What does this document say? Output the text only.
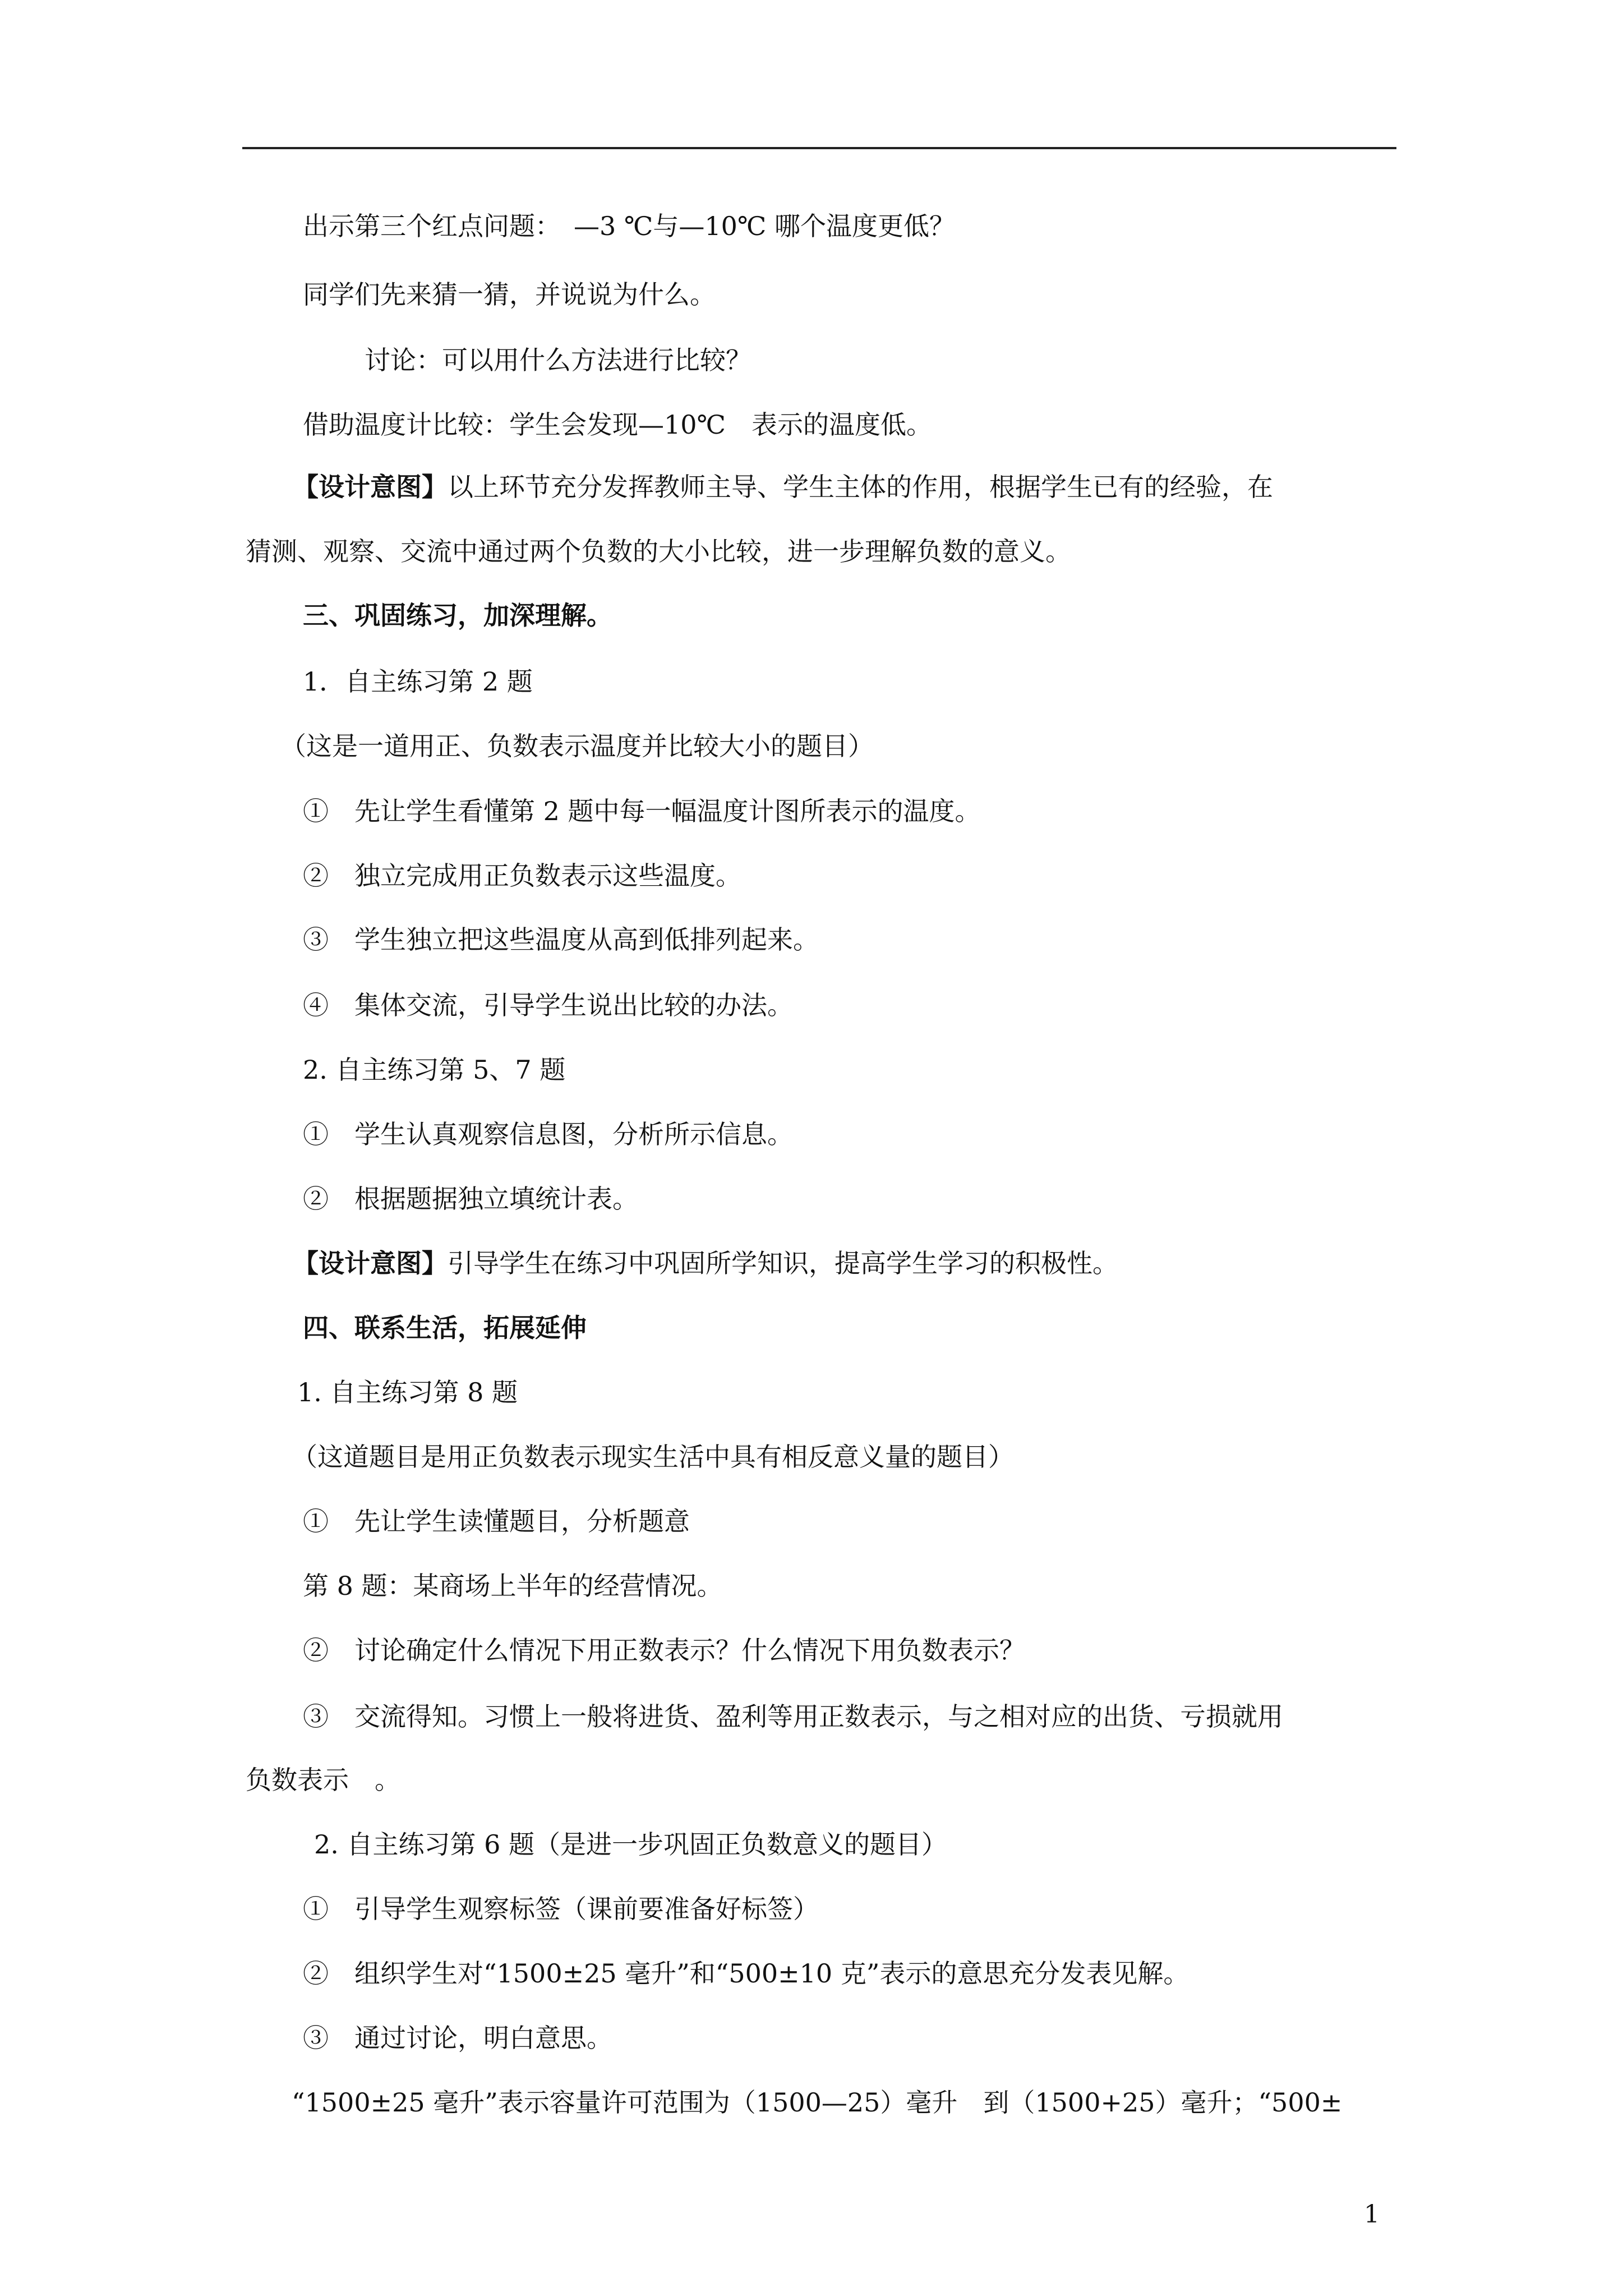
出示第三个红点问题：　—3 ℃与—10℃ 哪个温度更低？
同学们先来猜一猜，并说说为什么。
讨论：可以用什么方法进行比较？
借助温度计比较：学生会发现—10℃　表示的温度低。
【设计意图】以上环节充分发挥教师主导、学生主体的作用，根据学生已有的经验，在
猜测、观察、交流中通过两个负数的大小比较，进一步理解负数的意义。
三、巩固练习，加深理解。
1．自主练习第 2 题
（这是一道用正、负数表示温度并比较大小的题目）
①　先让学生看懂第 2 题中每一幅温度计图所表示的温度。
②　独立完成用正负数表示这些温度。
③　学生独立把这些温度从高到低排列起来。
④　集体交流，引导学生说出比较的办法。
2. 自主练习第 5、7 题
①　学生认真观察信息图，分析所示信息。
②　根据题据独立填统计表。
【设计意图】引导学生在练习中巩固所学知识，提高学生学习的积极性。
四、联系生活，拓展延伸
1. 自主练习第 8 题
（这道题目是用正负数表示现实生活中具有相反意义量的题目）
①　先让学生读懂题目，分析题意
第 8 题：某商场上半年的经营情况。
②　讨论确定什么情况下用正数表示？什么情况下用负数表示？
③　交流得知。习惯上一般将进货、盈利等用正数表示，与之相对应的出货、亏损就用
负数表示　。
2. 自主练习第 6 题（是进一步巩固正负数意义的题目）
①　引导学生观察标签（课前要准备好标签）
②　组织学生对“1500±25 毫升”和“500±10 克”表示的意思充分发表见解。
③　通过讨论，明白意思。
“1500±25 毫升”表示容量许可范围为（1500—25）毫升　到（1500+25）毫升；“500±
1
